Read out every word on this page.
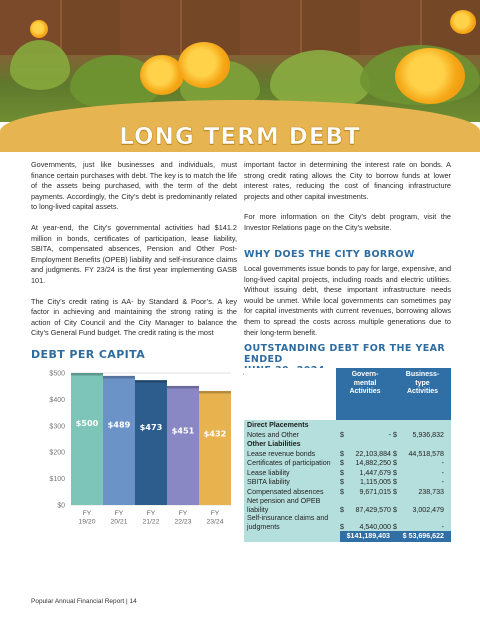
LONG TERM DEBT

Governments, just like businesses and individuals, must finance certain purchases with debt. The key is to match the life of the assets being purchased, with the term of the debt payments. Accordingly, the City’s debt is predominantly related to long-lived capital assets.

At year-end, the City’s governmental activities had $141.2 million in bonds, certificates of participation, lease liability, SBITA, compensated absences, Pension and Other Post-Employment Benefits (OPEB) liability and self-insurance claims and judgments. FY 23/24 is the first year implementing GASB 101.

The City’s credit rating is AA- by Standard & Poor’s. A key factor in achieving and maintaining the strong rating is the action of City Council and the City Manager to balance the City’s General Fund budget. The credit rating is the most

important factor in determining the interest rate on bonds. A strong credit rating allows the City to borrow funds at lower interest rates, reducing the cost of financing infrastructure projects and other capital investments.

For more information on the City’s debt program, visit the Investor Relations page on the City’s website.

WHY DOES THE CITY BORROW
Local governments issue bonds to pay for large, expensive, and long-lived capital projects, including roads and electric utilities. Without issuing debt, these important infrastructure needs would be unmet. While local governments can sometimes pay for capital investments with current revenues, borrowing allows them to spread the costs across multiple generations due to their long-term benefit.
DEBT PER CAPITA
$0
$100
$200
$300
$400
$500
$500
FY
19/20
$489
FY
20/21
$473
FY
21/22
$451
FY
22/23
$432
FY
23/24
OUTSTANDING DEBT FOR THE YEAR ENDED
Govern-
mental
Activities
Business-
type
Activities
Direct Placements
Notes and Other	$	- $	5,936,832
Other Liabilities
Lease revenue bonds	$	22,103,884 $	44,518,578
Certificates of participation	$	14,882,250 $	-
Lease liability	$	1,447,679 $	-
SBITA liability	$	1,115,005 $	-
Compensated absences	$	9,671,015 $	238,733
Net pension and OPEB liability	$	87,429,570 $	3,002,479
Self-insurance claims and judgments	$	4,540,000 $	-
$141,189,403	$ 53,696,622
Popular Annual Financial Report | 14
